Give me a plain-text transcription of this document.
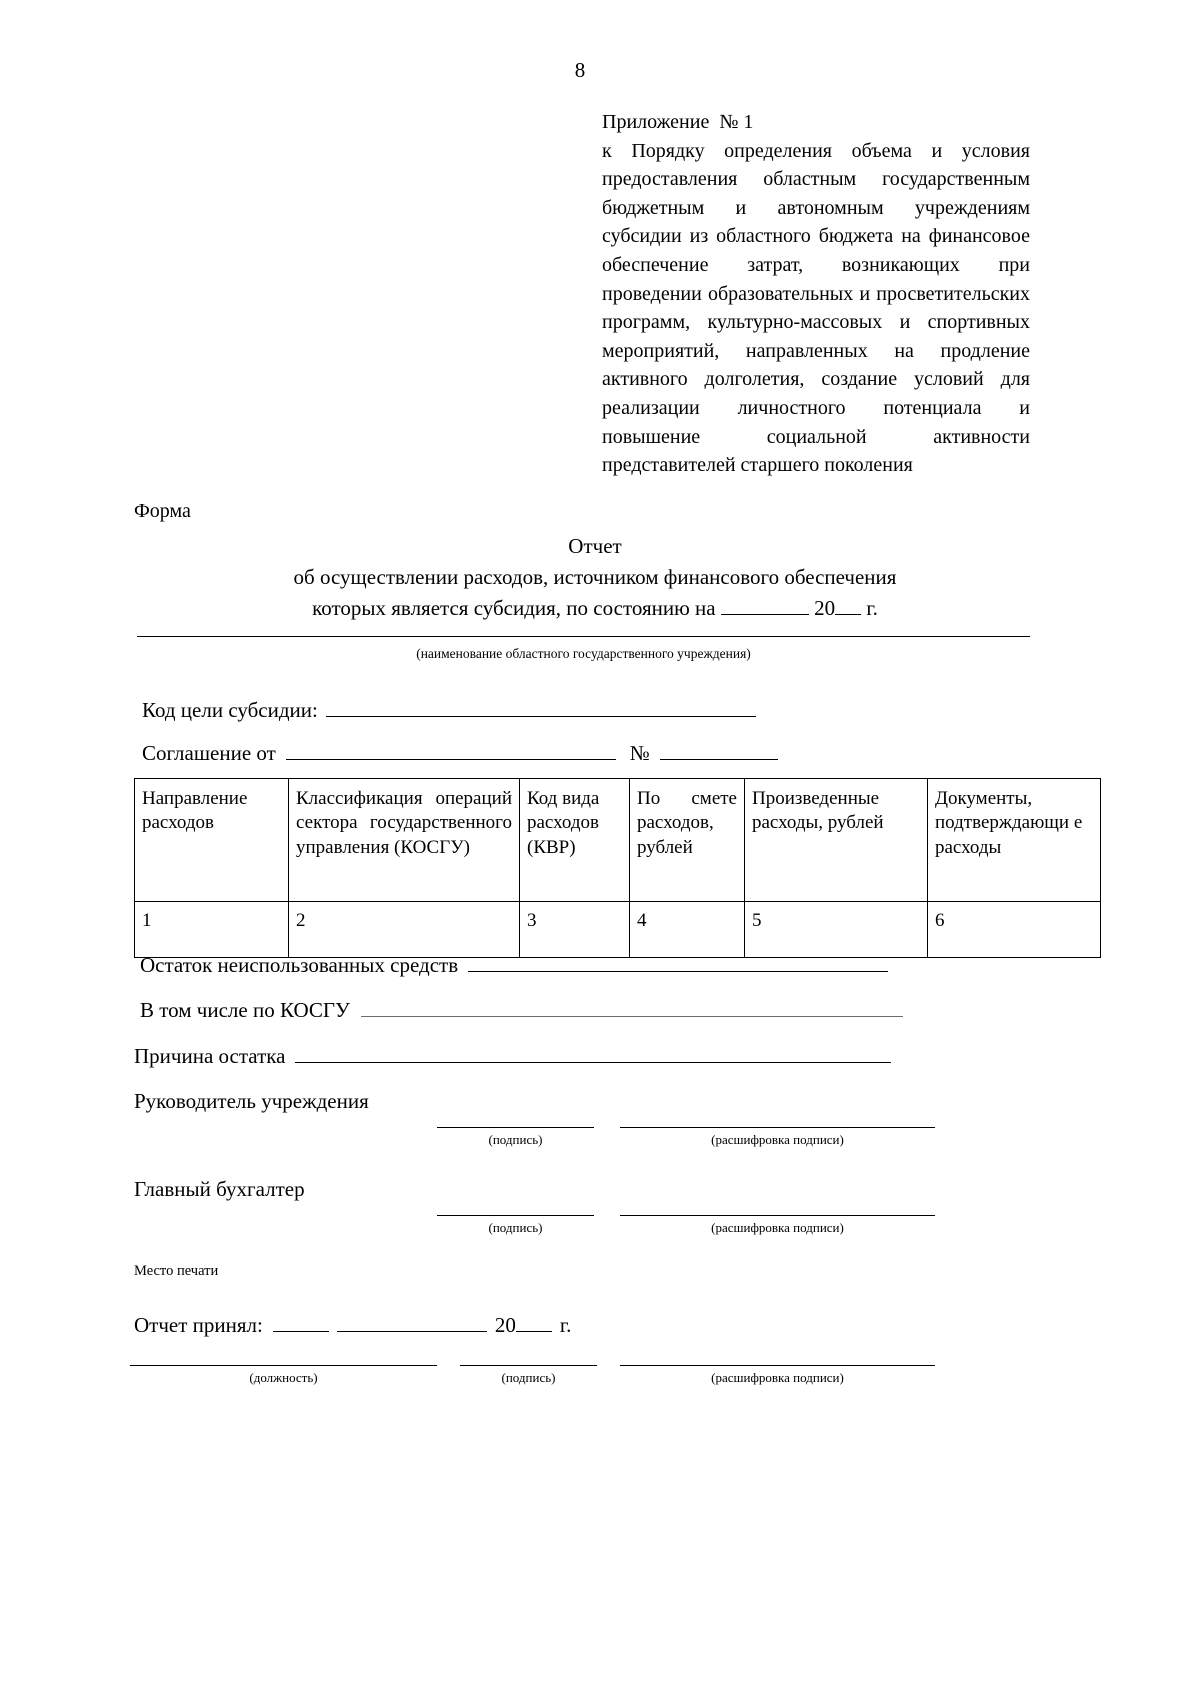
8
Приложение  № 1
к Порядку определения объема и условия предоставления областным государственным бюджетным и автономным учреждениям субсидии из областного бюджета на финансовое обеспечение затрат, возникающих при проведении образовательных и просветительских программ, культурно-массовых и спортивных мероприятий, направленных на продление активного долголетия, создание условий для реализации личностного потенциала и повышение социальной активности представителей старшего поколения
Форма
Отчет
об осуществлении расходов, источником финансового обеспечения
которых является субсидия, по состоянию на	20 г.
(наименование областного государственного учреждения)
Код цели субсидии:
Соглашение от	№
Направление расходов	Классификация операций сектора государственного управления (КОСГУ)	Код вида расходов (КВР)	По смете расходов, рублей	Произведенные расходы, рублей	Документы, подтверждающи е расходы
1	2	3	4	5	6
Остаток неиспользованных средств
В том числе по КОСГУ
Причина остатка
Руководитель учреждения
(подпись)	(расшифровка подписи)
Главный бухгалтер
(подпись)	(расшифровка подписи)
Место печати
Отчет принял:	20 г.
(должность)	(подпись)	(расшифровка подписи)
